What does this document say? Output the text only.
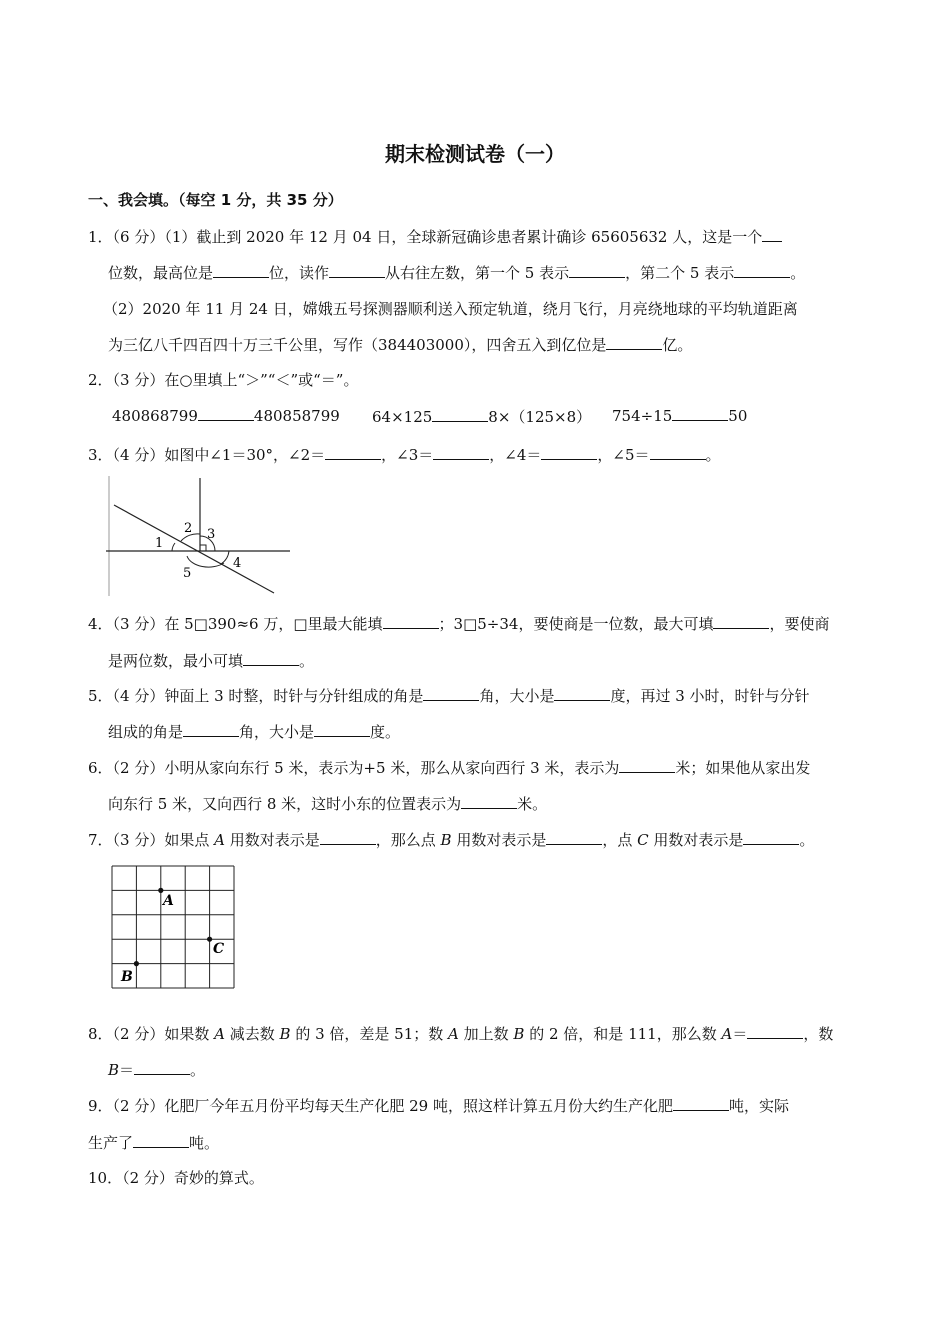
期末检测试卷（一）
一、我会填。（每空 1 分，共 35 分）
1．（6 分）（1）截止到 2020 年 12 月 04 日，全球新冠确诊患者累计确诊 65605632 人，这是一个
位数，最高位是	位，读作	从右往左数，第一个 5 表示	，第二个 5 表示	。
（2）2020 年 11 月 24 日，嫦娥五号探测器顺利送入预定轨道，绕月飞行，月亮绕地球的平均轨道距离
为三亿八千四百四十万三千公里，写作（384403000），四舍五入到亿位是	亿。
2．（3 分）在○里填上“＞”“＜”或“＝”。
480868799	480858799 64×125	8×（125×8） 754÷15	50
3．（4 分）如图中∠1＝30°，∠2＝	，∠3＝	，∠4＝	，∠5＝	。
1
2 3
4
5
4．（3 分）在 5□390≈6 万，□里最大能填	；3□5÷34，要使商是一位数，最大可填	，要使商
是两位数，最小可填	。
5．（4 分）钟面上 3 时整，时针与分针组成的角是	角，大小是	度，再过 3 小时，时针与分针
组成的角是	角，大小是	度。
6．（2 分）小明从家向东行 5 米，表示为+5 米，那么从家向西行 3 米，表示为	米；如果他从家出发
向东行 5 米，又向西行 8 米，这时小东的位置表示为	米。
7．（3 分）如果点 A 用数对表示是	，那么点 B 用数对表示是	，点 C 用数对表示是	。
A
B
C
8．（2 分）如果数 A 减去数 B 的 3 倍，差是 51；数 A 加上数 B 的 2 倍，和是 111，那么数 A＝	，数
B＝	。
9．（2 分）化肥厂今年五月份平均每天生产化肥 29 吨，照这样计算五月份大约生产化肥	吨，实际
生产了	吨。
10．（2 分）奇妙的算式。
